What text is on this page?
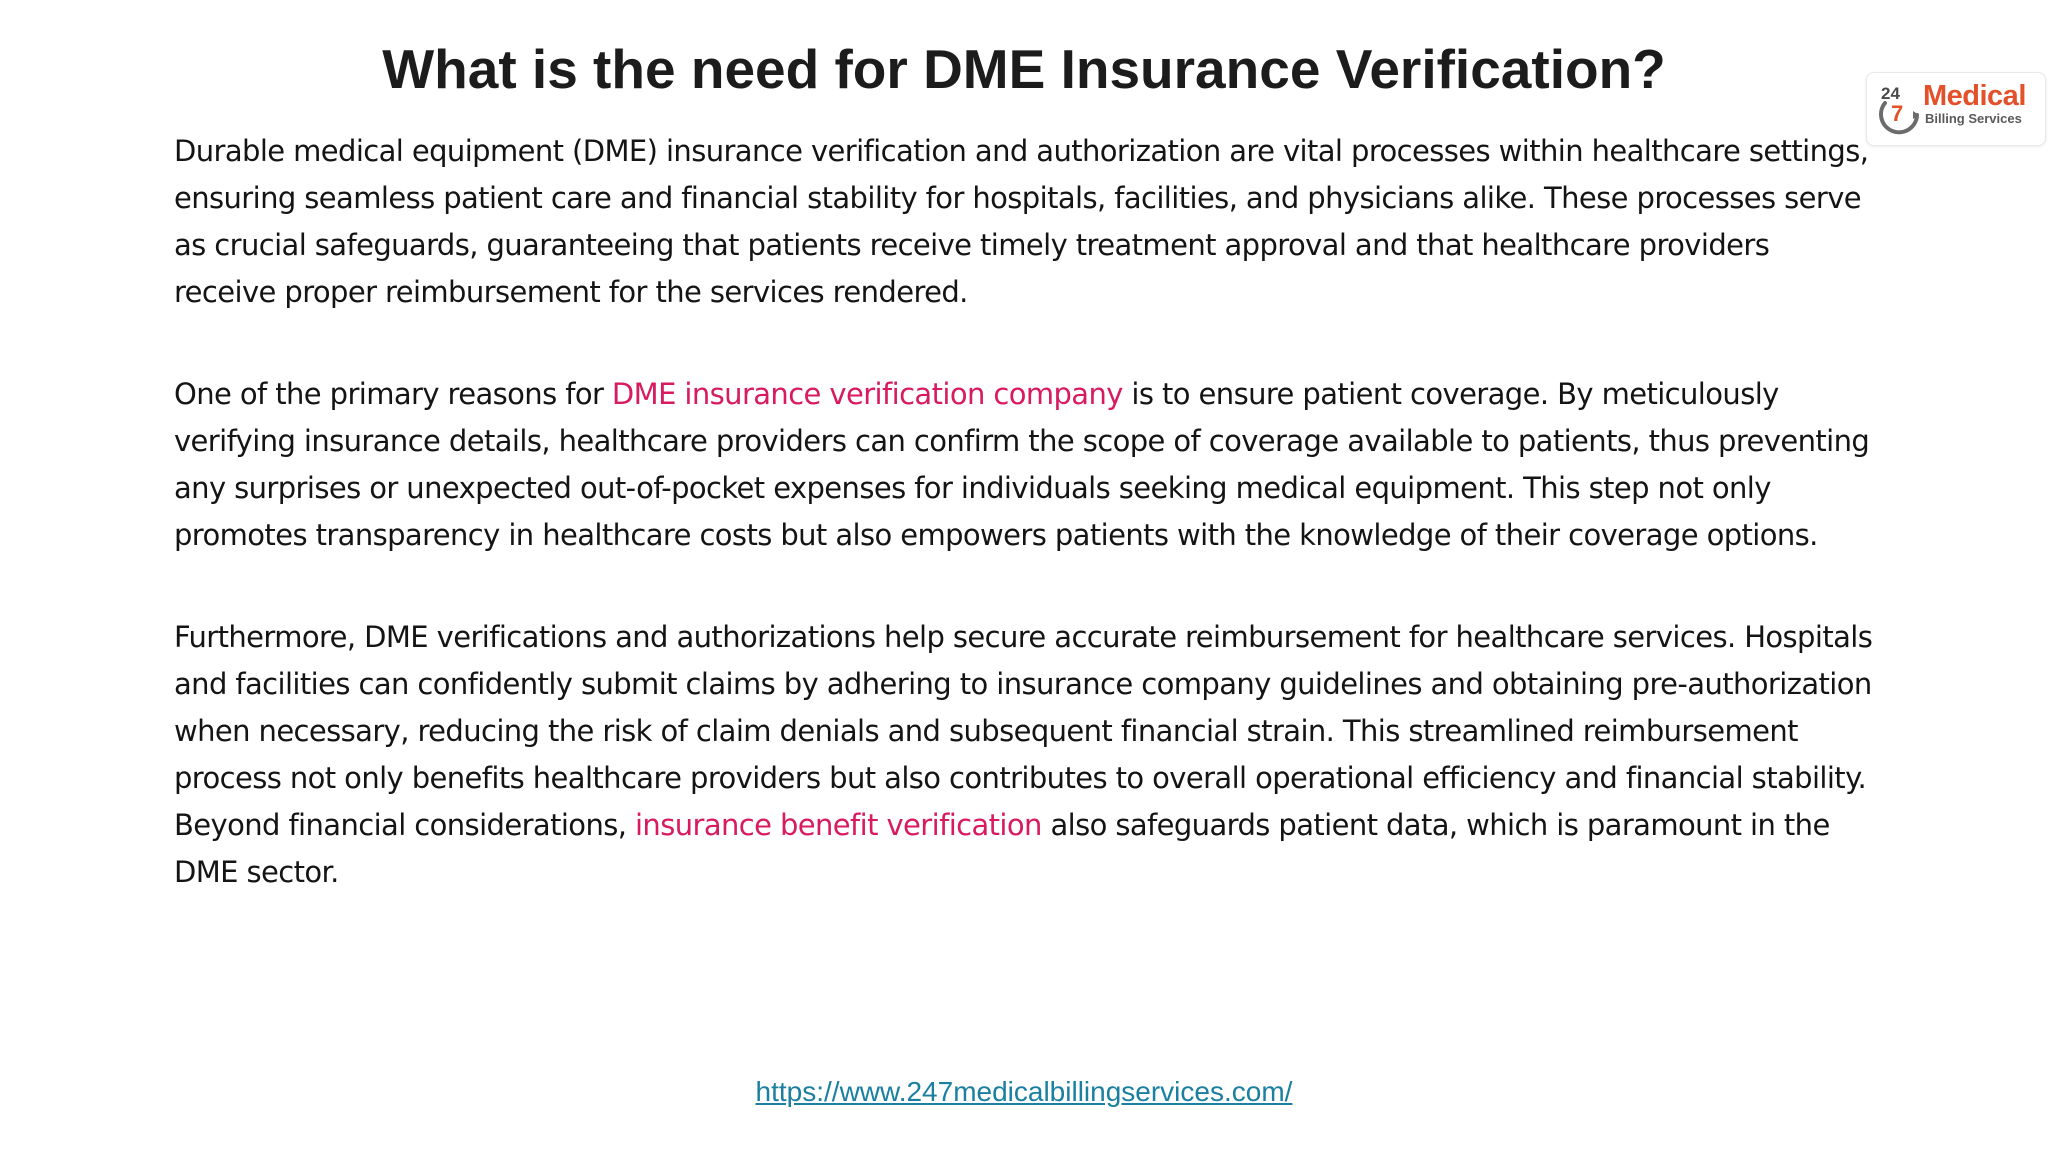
What is the need for DME Insurance Verification?	24
7
Medical
Billing Services

Durable medical equipment (DME) insurance verification and authorization are vital processes within healthcare settings, ensuring seamless patient care and financial stability for hospitals, facilities, and physicians alike. These processes serve as crucial safeguards, guaranteeing that patients receive timely treatment approval and that healthcare providers receive proper reimbursement for the services rendered.

One of the primary reasons for DME insurance verification company is to ensure patient coverage. By meticulously verifying insurance details, healthcare providers can confirm the scope of coverage available to patients, thus preventing any surprises or unexpected out-of-pocket expenses for individuals seeking medical equipment. This step not only promotes transparency in healthcare costs but also empowers patients with the knowledge of their coverage options.

Furthermore, DME verifications and authorizations help secure accurate reimbursement for healthcare services. Hospitals and facilities can confidently submit claims by adhering to insurance company guidelines and obtaining pre-authorization when necessary, reducing the risk of claim denials and subsequent financial strain. This streamlined reimbursement process not only benefits healthcare providers but also contributes to overall operational efficiency and financial stability. Beyond financial considerations, insurance benefit verification also safeguards patient data, which is paramount in the DME sector.

https://www.247medicalbillingservices.com/
